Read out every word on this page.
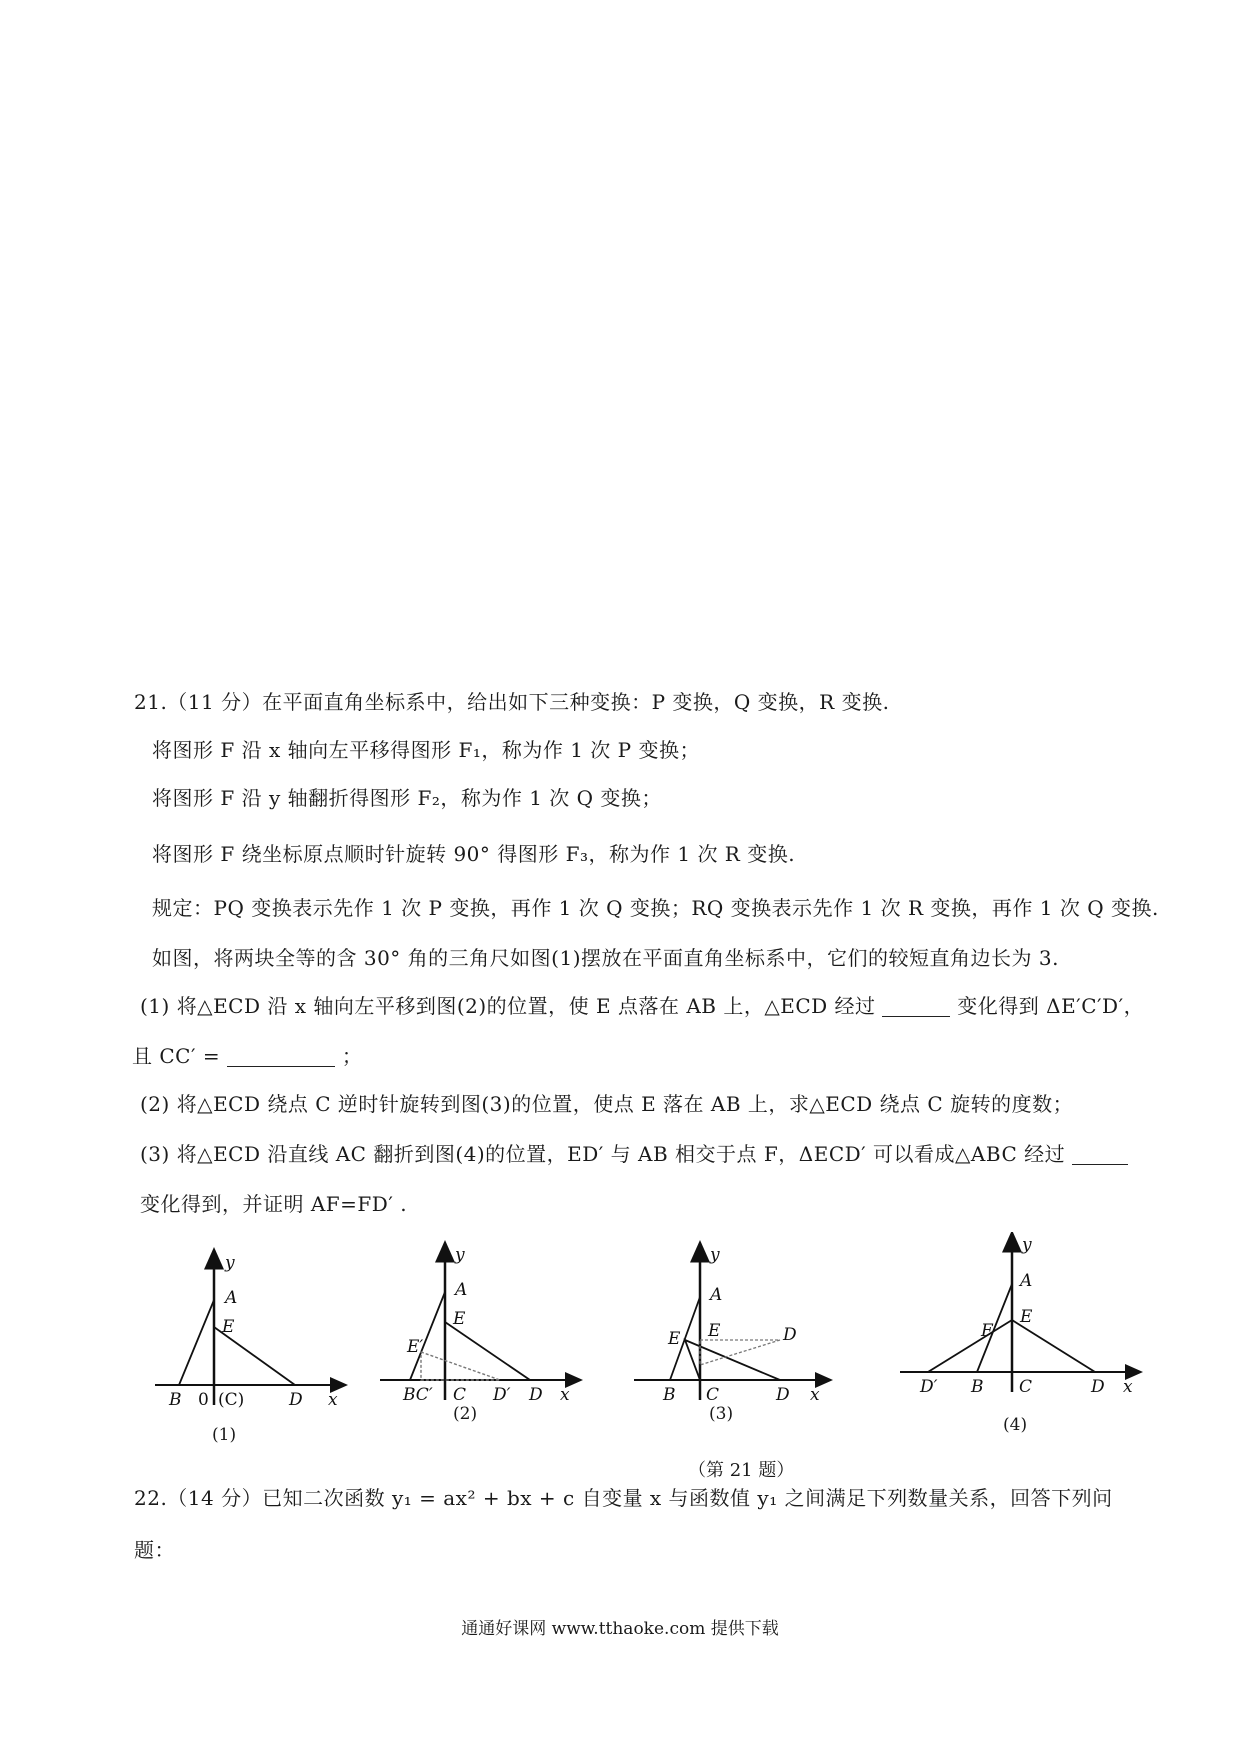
21.（11 分）在平面直角坐标系中，给出如下三种变换：P 变换，Q 变换，R 变换.
将图形 F 沿 x 轴向左平移得图形 F₁，称为作 1 次 P 变换；
将图形 F 沿 y 轴翻折得图形 F₂，称为作 1 次 Q 变换；
将图形 F 绕坐标原点顺时针旋转 90° 得图形 F₃，称为作 1 次 R 变换.
规定：PQ 变换表示先作 1 次 P 变换，再作 1 次 Q 变换；RQ 变换表示先作 1 次 R 变换，再作 1 次 Q 变换.
如图，将两块全等的含 30° 角的三角尺如图(1)摆放在平面直角坐标系中，它们的较短直角边长为 3.
(1) 将△ECD 沿 x 轴向左平移到图(2)的位置，使 E 点落在 AB 上，△ECD 经过	变化得到 ΔE′C′D′，
且 CC′ =	；
(2) 将△ECD 绕点 C 逆时针旋转到图(3)的位置，使点 E 落在 AB 上，求△ECD 绕点 C 旋转的度数；
(3) 将△ECD 沿直线 AC 翻折到图(4)的位置，ED′ 与 AB 相交于点 F，ΔECD′ 可以看成△ABC 经过
变化得到，并证明 AF=FD′ .
y
A
E
B 0 (C)	D x
(1)
y
A
E
E′
BC′ C D′ D x
(2)
y
A
E
E	D
B C	D x
(3)
y
A
E
F
D′ B C	D x
(4)
（第 21 题）
22.（14 分）已知二次函数 y₁ = ax² + bx + c 自变量 x 与函数值 y₁ 之间满足下列数量关系，回答下列问
题：
通通好课网 www.tthaoke.com 提供下载
